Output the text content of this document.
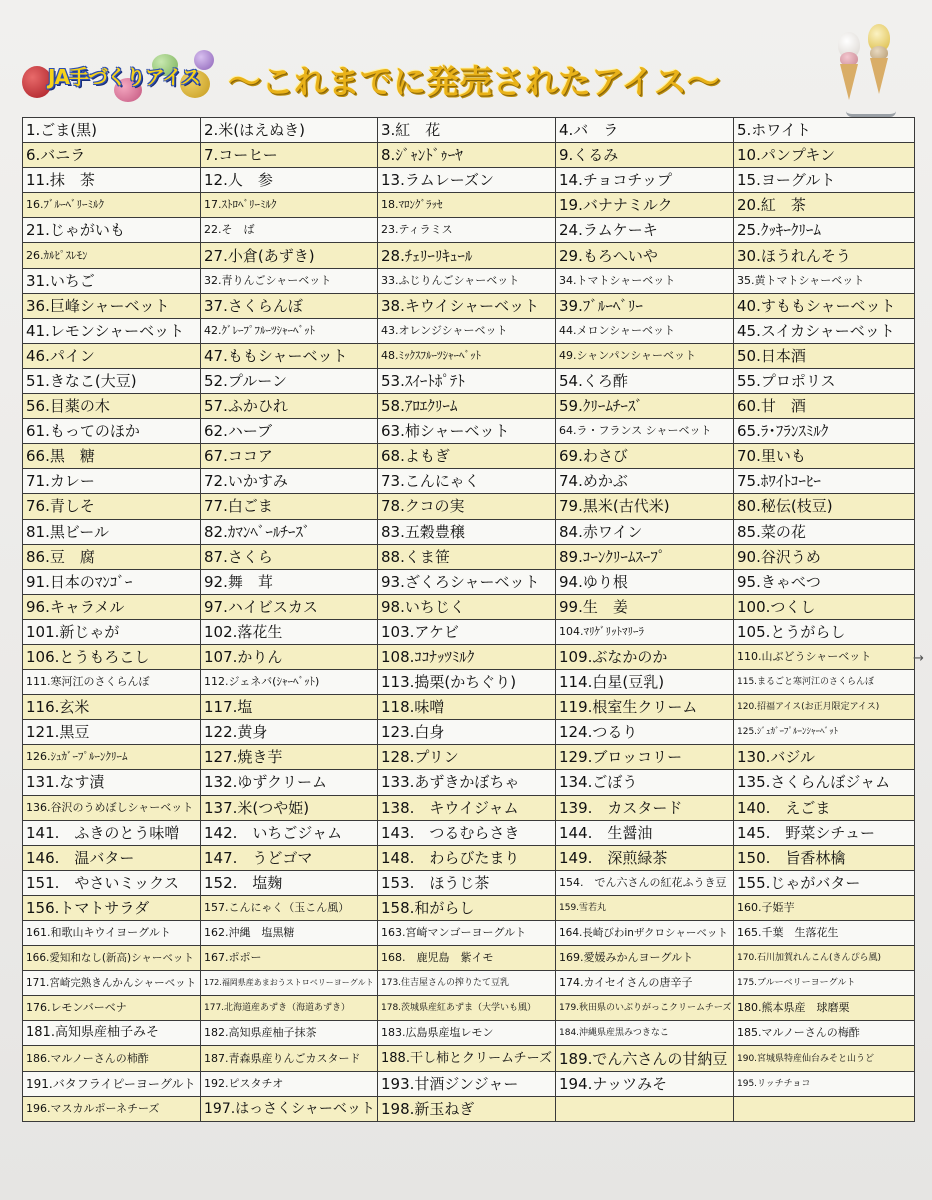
JA手づくりアイス 〜これまでに発売されたアイス〜
1.ごま(黒)	2.米(はえぬき)	3.紅　花	4.バ　ラ	5.ホワイト
6.バニラ	7.コーヒー	8.ｼﾞｬﾝﾄﾞｩｰﾔ	9.くるみ	10.パンプキン
11.抹　茶	12.人　参	13.ラムレーズン	14.チョコチップ	15.ヨーグルト
16.ﾌﾞﾙｰﾍﾞﾘｰﾐﾙｸ	17.ｽﾄﾛﾍﾞﾘｰﾐﾙｸ	18.ﾏﾛﾝｸﾞﾗｯｾ	19.バナナミルク	20.紅　茶
21.じゃがいも	22.そ　ば	23.ティラミス	24.ラムケーキ	25.ｸｯｷｰｸﾘｰﾑ
26.ｶﾙﾋﾟｽﾚﾓﾝ	27.小倉(あずき)	28.ﾁｪﾘｰﾘｷｭｰﾙ	29.もろへいや	30.ほうれんそう
31.いちご	32.青りんごシャーベット	33.ふじりんごシャーベット	34.トマトシャーベット	35.黄トマトシャーベット
36.巨峰シャーベット	37.さくらんぼ	38.キウイシャーベット	39.ﾌﾞﾙｰﾍﾞﾘｰ	40.すももシャーベット
41.レモンシャーベット	42.ｸﾞﾚｰﾌﾟﾌﾙｰﾂｼｬｰﾍﾞｯﾄ	43.オレンジシャーベット	44.メロンシャーベット	45.スイカシャーベット
46.パイン	47.ももシャーベット	48.ﾐｯｸｽﾌﾙｰﾂｼｬｰﾍﾞｯﾄ	49.シャンパンシャーベット	50.日本酒
51.きなこ(大豆)	52.プルーン	53.ｽｲｰﾄﾎﾟﾃﾄ	54.くろ酢	55.プロポリス
56.目薬の木	57.ふかひれ	58.ｱﾛｴｸﾘｰﾑ	59.ｸﾘｰﾑﾁｰｽﾞ	60.甘　酒
61.もってのほか	62.ハーブ	63.柿シャーベット	64.ラ・フランス シャーベット	65.ﾗ･ﾌﾗﾝｽﾐﾙｸ
66.黒　糖	67.ココア	68.よもぎ	69.わさび	70.里いも
71.カレー	72.いかすみ	73.こんにゃく	74.めかぶ	75.ﾎﾜｲﾄｺｰﾋｰ
76.青しそ	77.白ごま	78.クコの実	79.黒米(古代米)	80.秘伝(枝豆)
81.黒ビール	82.ｶﾏﾝﾍﾞｰﾙﾁｰｽﾞ	83.五穀豊穣	84.赤ワイン	85.菜の花
86.豆　腐	87.さくら	88.くま笹	89.ｺｰﾝｸﾘｰﾑｽｰﾌﾟ	90.谷沢うめ
91.日本のﾏﾝｺﾞｰ	92.舞　茸	93.ざくろシャーベット	94.ゆり根	95.きゃべつ
96.キャラメル	97.ハイビスカス	98.いちじく	99.生　姜	100.つくし
101.新じゃが	102.落花生	103.アケビ	104.ﾏﾘｹﾞﾘｯﾄﾏﾘｰﾗ	105.とうがらし
106.とうもろこし	107.かりん	108.ｺｺﾅｯﾂﾐﾙｸ	109.ぶなかのか	110.山ぶどうシャーベット
111.寒河江のさくらんぼ	112.ジェネバ(ｼｬｰﾍﾞｯﾄ)	113.搗栗(かちぐり)	114.白星(豆乳)	115.まるごと寒河江のさくらんぼ
116.玄米	117.塩	118.味噌	119.根室生クリーム	120.招福アイス(お正月限定アイス)
121.黒豆	122.黄身	123.白身	124.つるり	125.ｼﾞｭｶﾞｰﾌﾟﾙｰﾝｼｬｰﾍﾞｯﾄ
126.ｼｭｶﾞｰﾌﾟﾙｰﾝｸﾘｰﾑ	127.焼き芋	128.プリン	129.ブロッコリー	130.バジル
131.なす漬	132.ゆずクリーム	133.あずきかぼちゃ	134.ごぼう	135.さくらんぼジャム
136.谷沢のうめぼしシャーベット	137.米(つや姫)	138.　キウイジャム	139.　カスタード	140.　えごま
141.　ふきのとう味噌	142.　いちごジャム	143.　つるむらさき	144.　生醤油	145.　野菜シチュー
146.　温バター	147.　うどゴマ	148.　わらびたまり	149.　深煎緑茶	150.　旨香林檎
151.　やさいミックス	152.　塩麹	153.　ほうじ茶	154.　でん六さんの紅花ふうき豆	155.じゃがバター
156.トマトサラダ	157.こんにゃく（玉こん風）	158.和がらし	159.雪若丸	160.子姫芋
161.和歌山キウイヨーグルト	162.沖縄　塩黒糖	163.宮崎マンゴーヨーグルト	164.長崎びわinザクロシャーベット	165.千葉　生落花生
166.愛知和なし(新高)シャーベット	167.ポポー	168.　鹿児島　紫イモ	169.愛媛みかんヨーグルト	170.石川加賀れんこん(きんぴら風)
171.宮崎完熟きんかんシャーベット	172.福岡県産あまおうストロベリーヨーグルト	173.住吉屋さんの搾りたて豆乳	174.カイセイさんの唐辛子	175.ブルーベリーヨーグルト
176.レモンバーベナ	177.北海道産あずき（海道あずき）	178.茨城県産紅あずま（大学いも風）	179.秋田県のいぶりがっこクリームチーズ	180.熊本県産　球磨栗
181.高知県産柚子みそ	182.高知県産柚子抹茶	183.広島県産塩レモン	184.沖縄県産黒みつきなこ	185.マルノーさんの梅酢
186.マルノーさんの柿酢	187.青森県産りんごカスタード	188.干し柿とクリームチーズ	189.でん六さんの甘納豆	190.宮城県特産仙台みそと山うど
191.バタフライピーヨーグルト	192.ピスタチオ	193.甘酒ジンジャー	194.ナッツみそ	195.リッチチョコ
196.マスカルポーネチーズ	197.はっさくシャーベット	198.新玉ねぎ		
→
